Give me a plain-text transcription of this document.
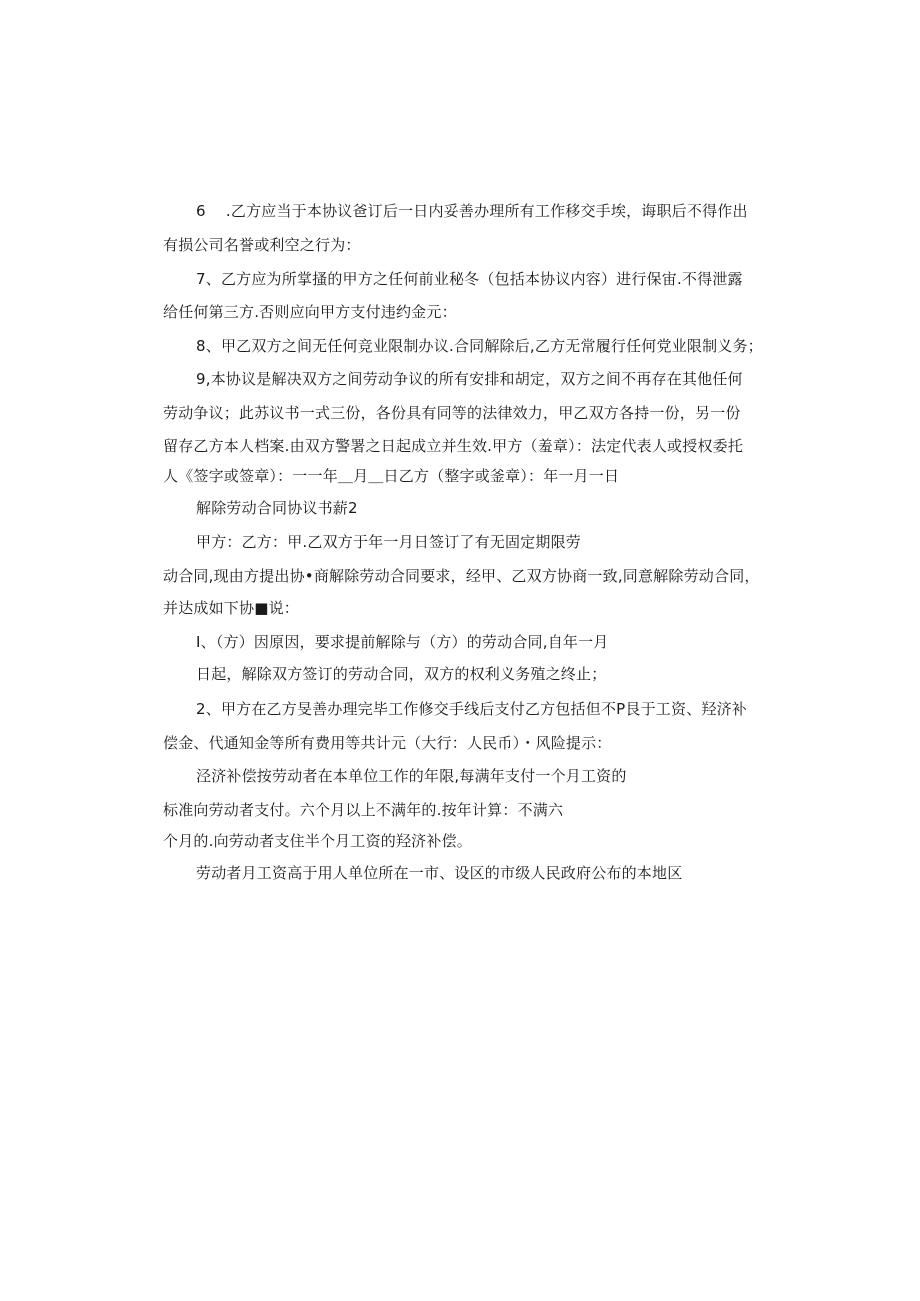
6 　.乙方应当于本协议爸订后一日内妥善办理所有工作移交手埃，诲职后不得作出
有损公司名誉或利空之行为：
7、乙方应为所掌搔的甲方之任何前业秘冬（包括本协议内容）进行保宙.不得泄露
给任何第三方.否则应向甲方支付违约金元：
8、甲乙双方之间无任何竞业限制办议.合同解除后,乙方无常履行任何党业限制义务；
9,本协议是解决双方之间劳动争议的所有安排和胡定，双方之间不再存在其他任何
劳动争议；此苏议书一式三份，各份具有同等的法律效力，甲乙双方各持一份，另一份
留存乙方本人档案.由双方警署之日起成立并生效.甲方（羞章）：法定代表人或授权委托
人《签字或签章）：一一年＿月＿日乙方（整字或釜章）：年一月一日
解除劳动合同协议书薪2
甲方：乙方：甲.乙双方于年一月日签订了有无固定期限劳
动合同,现由方提出协•商解除劳动合同要求，经甲、乙双方协商一致,同意解除劳动合同，
并达成如下协■说：
I、（方）因原因，要求提前解除与（方）的劳动合同,自年一月
日起，解除双方签订的劳动合同，双方的权利义务殖之终止；
2、甲方在乙方旻善办理完毕工作修交手线后支付乙方包括但不P艮于工资、羟济补
偿金、代通知金等所有费用等共计元（大行：人民币）・风险提示：
泾济补偿按劳动者在本单位工作的年限,每满年支付一个月工资的
标准向劳动者支付。六个月以上不满年的.按年计算：不满六
个月的.向劳动者支住半个月工资的羟济补偿。
劳动者月工资高于用人单位所在一市、设区的市级人民政府公布的本地区
